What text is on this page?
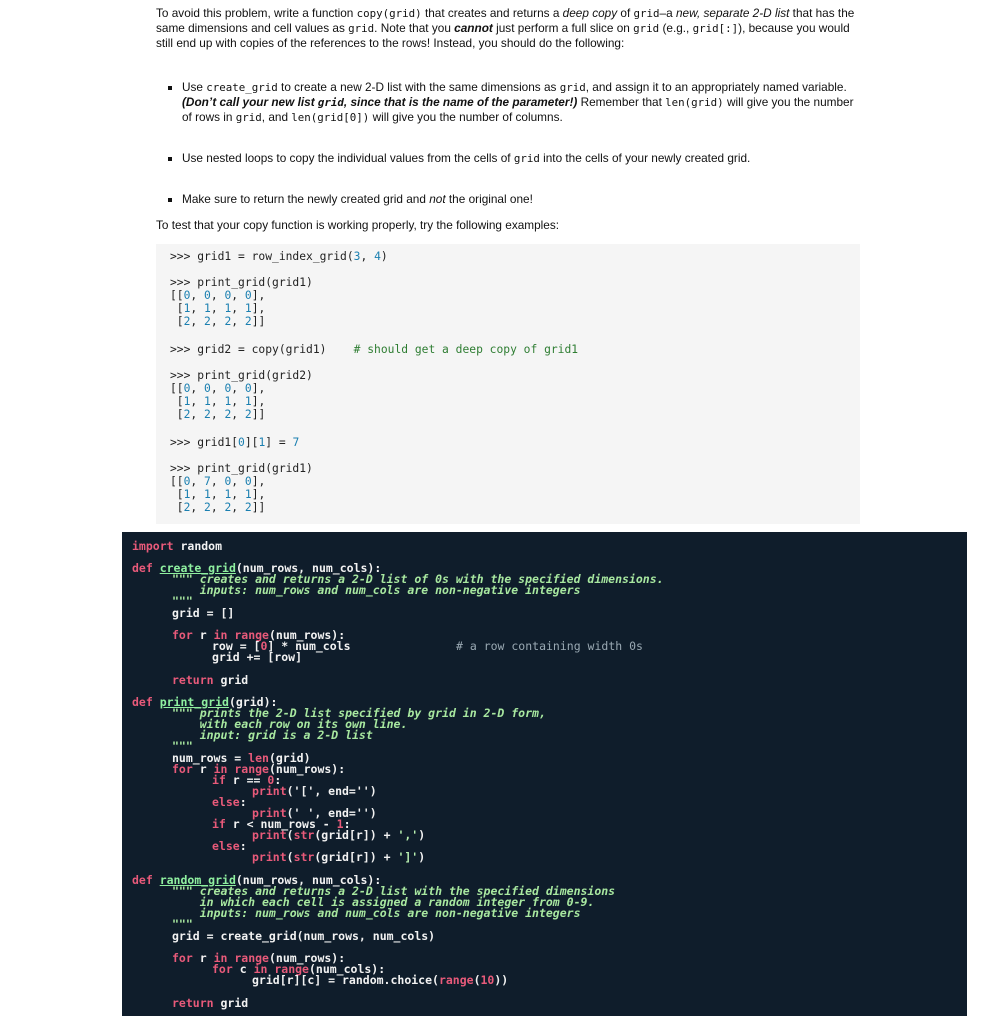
To avoid this problem, write a function copy(grid) that creates and returns a deep copy of grid–a new, separate 2-D list that has the same dimensions and cell values as grid. Note that you cannot just perform a full slice on grid (e.g., grid[:]), because you would still end up with copies of the references to the rows! Instead, you should do the following:
Use create_grid to create a new 2-D list with the same dimensions as grid, and assign it to an appropriately named variable. (Don’t call your new list grid, since that is the name of the parameter!) Remember that len(grid) will give you the number of rows in grid, and len(grid[0]) will give you the number of columns.
Use nested loops to copy the individual values from the cells of grid into the cells of your newly created grid.
Make sure to return the newly created grid and not the original one!
To test that your copy function is working properly, try the following examples:
>>> grid1 = row_index_grid(3, 4)
>>> print_grid(grid1)
[[0, 0, 0, 0],
[1, 1, 1, 1],
[2, 2, 2, 2]]
>>> grid2 = copy(grid1)    # should get a deep copy of grid1
>>> print_grid(grid2)
[[0, 0, 0, 0],
[1, 1, 1, 1],
[2, 2, 2, 2]]
>>> grid1[0][1] = 7
>>> print_grid(grid1)
[[0, 7, 0, 0],
[1, 1, 1, 1],
[2, 2, 2, 2]]
import random
def create_grid(num_rows, num_cols):
""" creates and returns a 2-D list of 0s with the specified dimensions.
inputs: num_rows and num_cols are non-negative integers
"""
grid = []
for r in range(num_rows):
row = [0] * num_cols	# a row containing width 0s
grid += [row]
return grid
def print_grid(grid):
""" prints the 2-D list specified by grid in 2-D form,
with each row on its own line.
input: grid is a 2-D list
"""
num_rows = len(grid)
for r in range(num_rows):
if r == 0:
print('[', end='')
else:
print(' ', end='')
if r < num_rows - 1:
print(str(grid[r]) + ',')
else:
print(str(grid[r]) + ']')
def random_grid(num_rows, num_cols):
""" creates and returns a 2-D list with the specified dimensions
in which each cell is assigned a random integer from 0-9.
inputs: num_rows and num_cols are non-negative integers
"""
grid = create_grid(num_rows, num_cols)
for r in range(num_rows):
for c in range(num_cols):
grid[r][c] = random.choice(range(10))
return grid
